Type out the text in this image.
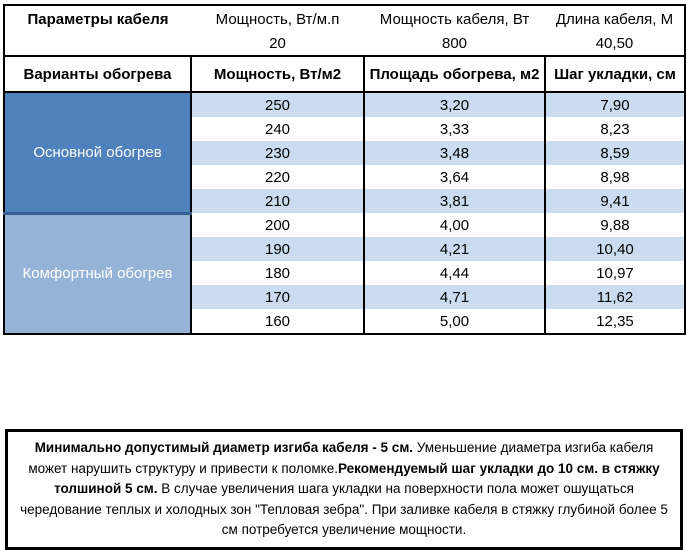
Параметры кабеля	Мощность, Вт/м.п	Мощность кабеля, Вт	Длина кабеля, М
	20	800	40,50
Варианты обогрева	Мощность, Вт/м2	Площадь обогрева, м2	Шаг укладки, см
Основной обогрев	250	3,20	7,90
	240	3,33	8,23
	230	3,48	8,59
	220	3,64	8,98
	210	3,81	9,41
Комфортный обогрев	200	4,00	9,88
	190	4,21	10,40
	180	4,44	10,97
	170	4,71	11,62
	160	5,00	12,35
Минимально допустимый диаметр изгиба кабеля - 5 см. Уменьшение диаметра изгиба кабеля может нарушить структуру и привести к поломке.Рекомендуемый шаг укладки до 10 см. в стяжку толшиной 5 см. В случае увеличения шага укладки на поверхности пола может ошущаться чередование теплых и холодных зон "Тепловая зебра". При заливке кабеля в стяжку глубиной более 5 см потребуется увеличение мощности.
